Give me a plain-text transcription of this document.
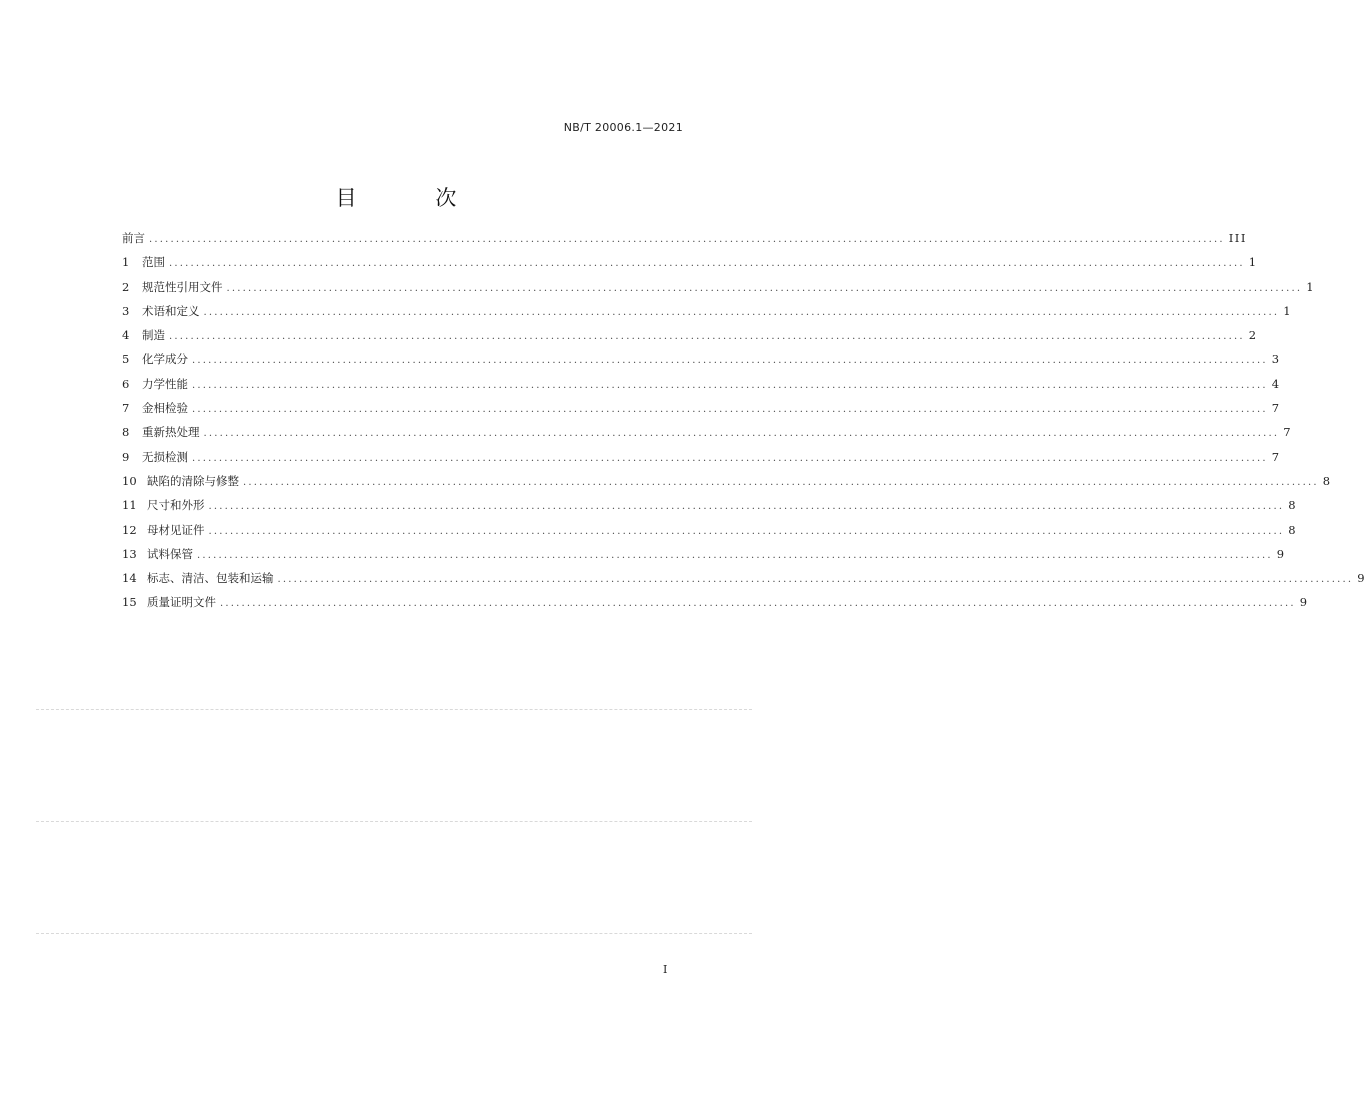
NB/T 20006.1—2021
目 次
前言 ........................................................................................................................................................................................................ III
1	范围 ........................................................................................................................................................................................................ 1
2	规范性引用文件 ........................................................................................................................................................................................................ 1
3	术语和定义 ........................................................................................................................................................................................................ 1
4	制造 ........................................................................................................................................................................................................ 2
5	化学成分 ........................................................................................................................................................................................................ 3
6	力学性能 ........................................................................................................................................................................................................ 4
7	金相检验 ........................................................................................................................................................................................................ 7
8	重新热处理 ........................................................................................................................................................................................................ 7
9	无损检测 ........................................................................................................................................................................................................ 7
10 缺陷的清除与修整 ........................................................................................................................................................................................................ 8
11 尺寸和外形 ........................................................................................................................................................................................................ 8
12 母材见证件 ........................................................................................................................................................................................................ 8
13 试料保管 ........................................................................................................................................................................................................ 9
14 标志、清洁、包装和运输 ........................................................................................................................................................................................................ 9
15 质量证明文件 ........................................................................................................................................................................................................ 9
I
